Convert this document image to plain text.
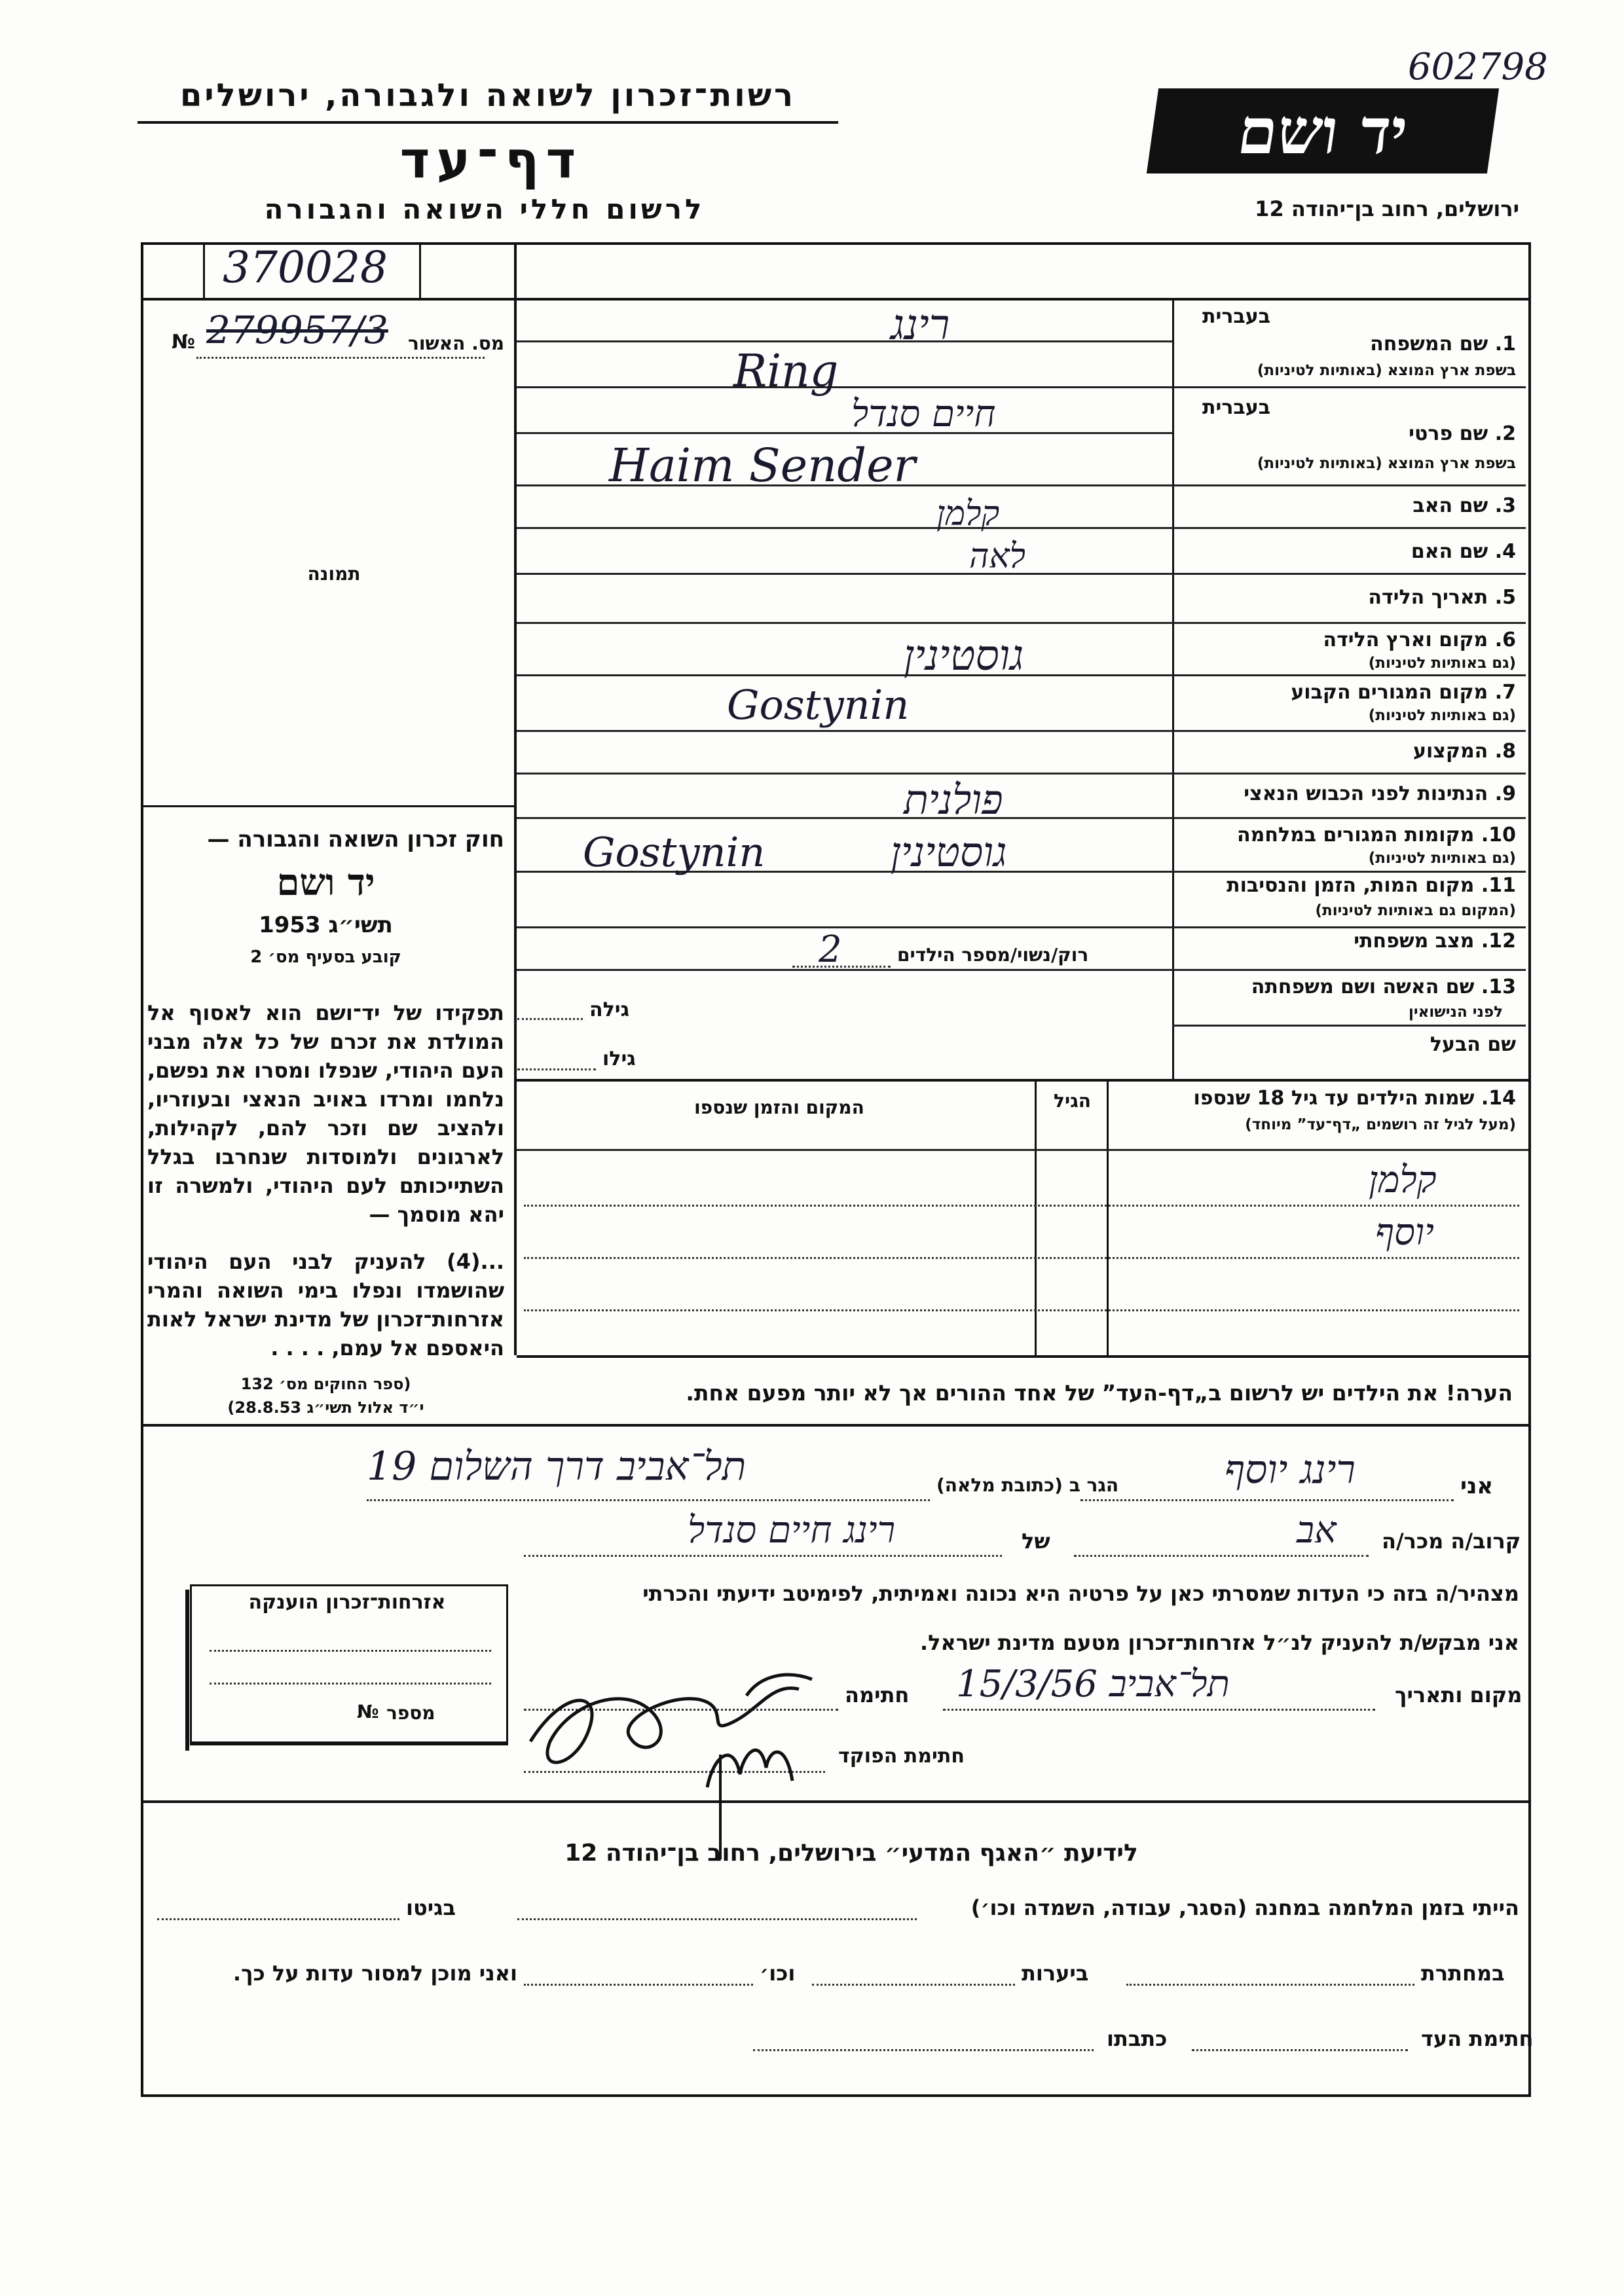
602798
רשות־זכרון לשואה ולגבורה, ירושלים
דף־עד
לרשום חללי השואה והגבורה
יד ושם
ירושלים, רחוב בן־יהודה 12
370028
№ 279957/3	מס. האשור
תמונה
חוק זכרון השואה והגבורה —
יד ושם
תשי״ג 1953
קובע בסעיף מס׳ 2
תפקידו של יד־ושם הוא לאסוף אל המולדת את זכרם של כל אלה מבני העם היהודי, שנפלו ומסרו את נפשם, נלחמו ומרדו באויב הנאצי ובעוזריו, ולהציב שם וזכר להם, לקהילות, לארגונים ולמוסדות שנחרבו בגלל השתייכותם לעם היהודי, ולמשרה זו יהא מוסמך —
...(4) להעניק לבני העם היהודי שהושמדו ונפלו בימי השואה והמרי אזרחות־זכרון של מדינת ישראל לאות היאספם אל עמם, . . . .
(ספר החוקים מס׳ 132
י״ד אלול תשי״ג 28.8.53)
בעברית
1. שם המשפחה
בשפת ארץ המוצא (באותיות לטיניות)
בעברית
2. שם פרטי
בשפת ארץ המוצא (באותיות לטיניות)
3. שם האב
4. שם האם
5. תאריך הלידה
6. מקום וארץ הלידה
(גם באותיות לטיניות)
7. מקום המגורים הקבוע
(גם באותיות לטיניות)
8. המקצוע
9. הנתינות לפני הכבוש הנאצי
10. מקומות המגורים במלחמה
(גם באותיות לטיניות)
11. מקום המות, הזמן והנסיבות
(המקום גם באותיות לטיניות)
12. מצב משפחתי
13. שם האשה ושם משפחתה
לפני הנישואין
שם הבעל
רינג
Ring
חיים סנדל
Haim Sender
קלמן
לאה
גוסטינין
Gostynin
פולנית
Gostynin	גוסטינין
רוק/נשוי/מספר הילדים
2
גילה
גילו
14. שמות הילדים עד גיל 18 שנספו
(מעל לגיל זה רושמים „דף־עד” מיוחד)
הגיל
המקום והזמן שנספו
קלמן
יוסף
הערה! את הילדים יש לרשום ב„דף-העד” של אחד ההורים אך לא יותר מפעם אחת.
אני
רינג יוסף
הגר ב (כתובת מלאה)
תל־אביב דרך השלום 19
קרוב/ה מכר/ה
אב
של
רינג חיים סנדל
מצהיר/ה בזה כי העדות שמסרתי כאן על פרטיה היא נכונה ואמיתית, לפימיטב ידיעתי והכרתי
אני מבקש/ת להעניק לנ״ל אזרחות־זכרון מטעם מדינת ישראל.
מקום ותאריך
תל־אביב 15/3/56
חתימה
חתימת הפוקד
אזרחות־זכרון הוענקה
מספר
№
לידיעת ״האגף המדעי״ בירושלים, רחוב בן־יהודה 12
הייתי בזמן המלחמה במחנה (הסגר, עבודה, השמדה וכו׳)
בגיטו
במחתרת
ביערות
וכו׳
ואני מוכן למסור עדות על כך.
חתימת העד
כתבתו
